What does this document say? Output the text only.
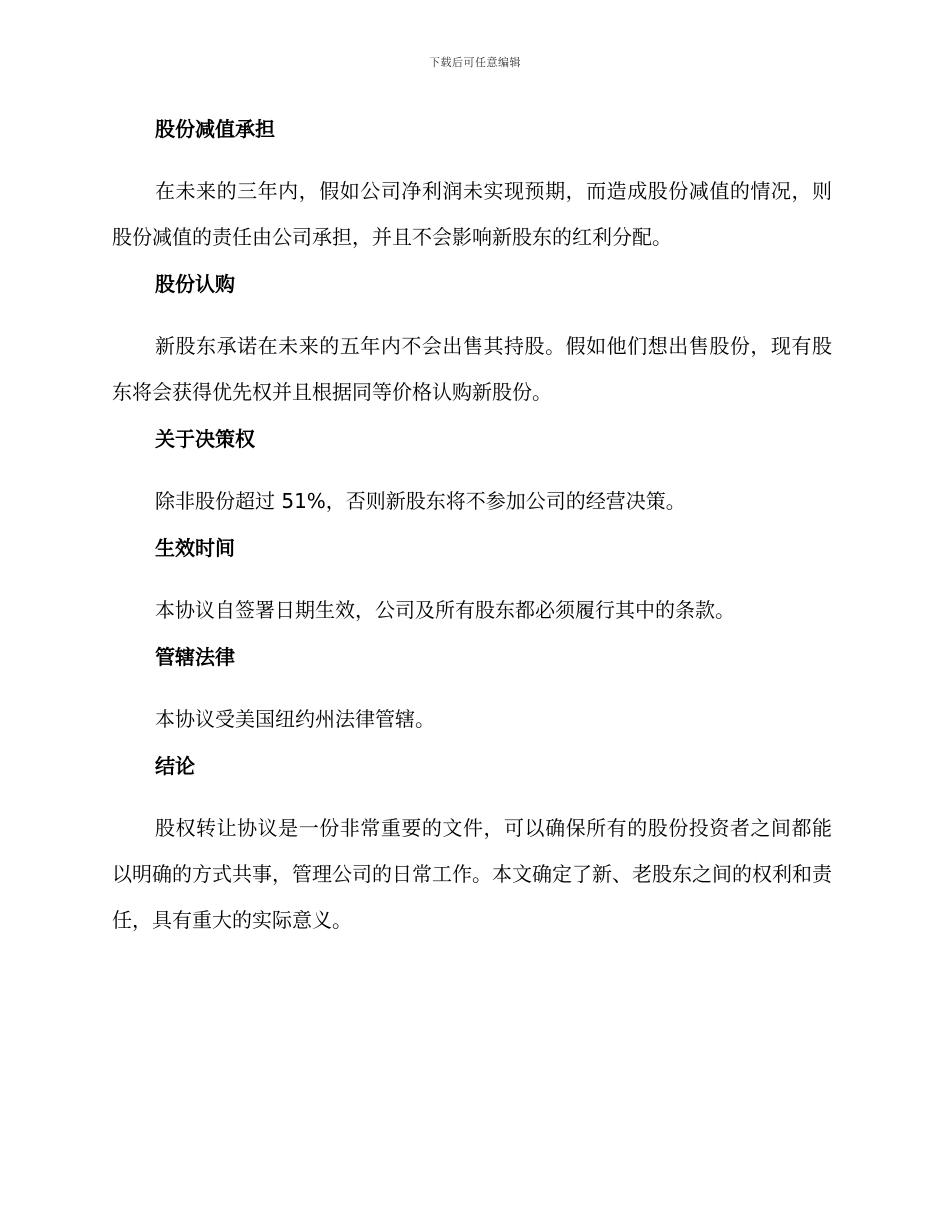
下载后可任意编辑
股份减值承担

在未来的三年内，假如公司净利润未实现预期，而造成股份减值的情况，则股份减值的责任由公司承担，并且不会影响新股东的红利分配。

股份认购

新股东承诺在未来的五年内不会出售其持股。假如他们想出售股份，现有股东将会获得优先权并且根据同等价格认购新股份。

关于决策权

除非股份超过 51%，否则新股东将不参加公司的经营决策。

生效时间

本协议自签署日期生效，公司及所有股东都必须履行其中的条款。

管辖法律

本协议受美国纽约州法律管辖。

结论

股权转让协议是一份非常重要的文件，可以确保所有的股份投资者之间都能以明确的方式共事，管理公司的日常工作。本文确定了新、老股东之间的权利和责任，具有重大的实际意义。
